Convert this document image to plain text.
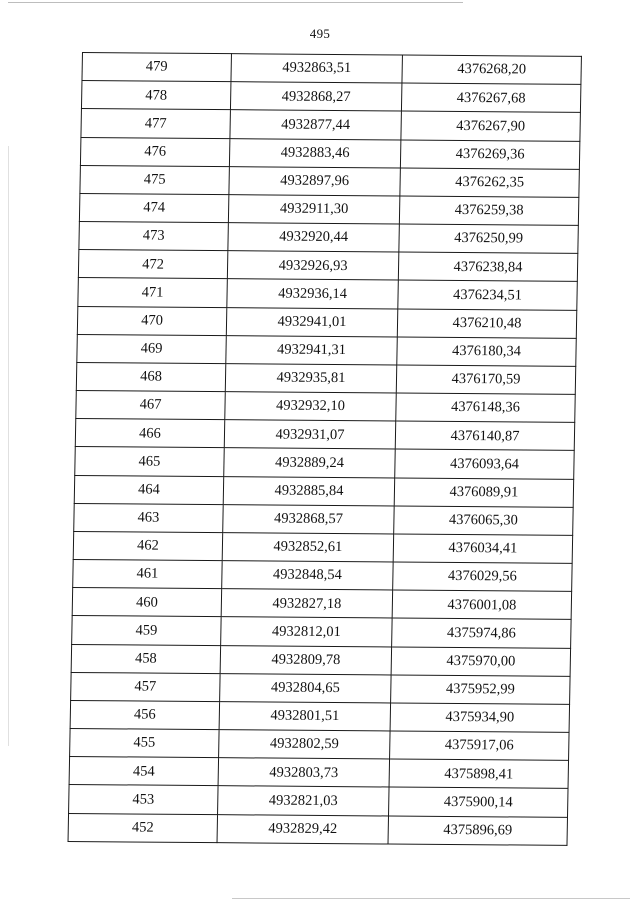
495
479	4932863,51	4376268,20
478	4932868,27	4376267,68
477	4932877,44	4376267,90
476	4932883,46	4376269,36
475	4932897,96	4376262,35
474	4932911,30	4376259,38
473	4932920,44	4376250,99
472	4932926,93	4376238,84
471	4932936,14	4376234,51
470	4932941,01	4376210,48
469	4932941,31	4376180,34
468	4932935,81	4376170,59
467	4932932,10	4376148,36
466	4932931,07	4376140,87
465	4932889,24	4376093,64
464	4932885,84	4376089,91
463	4932868,57	4376065,30
462	4932852,61	4376034,41
461	4932848,54	4376029,56
460	4932827,18	4376001,08
459	4932812,01	4375974,86
458	4932809,78	4375970,00
457	4932804,65	4375952,99
456	4932801,51	4375934,90
455	4932802,59	4375917,06
454	4932803,73	4375898,41
453	4932821,03	4375900,14
452	4932829,42	4375896,69
